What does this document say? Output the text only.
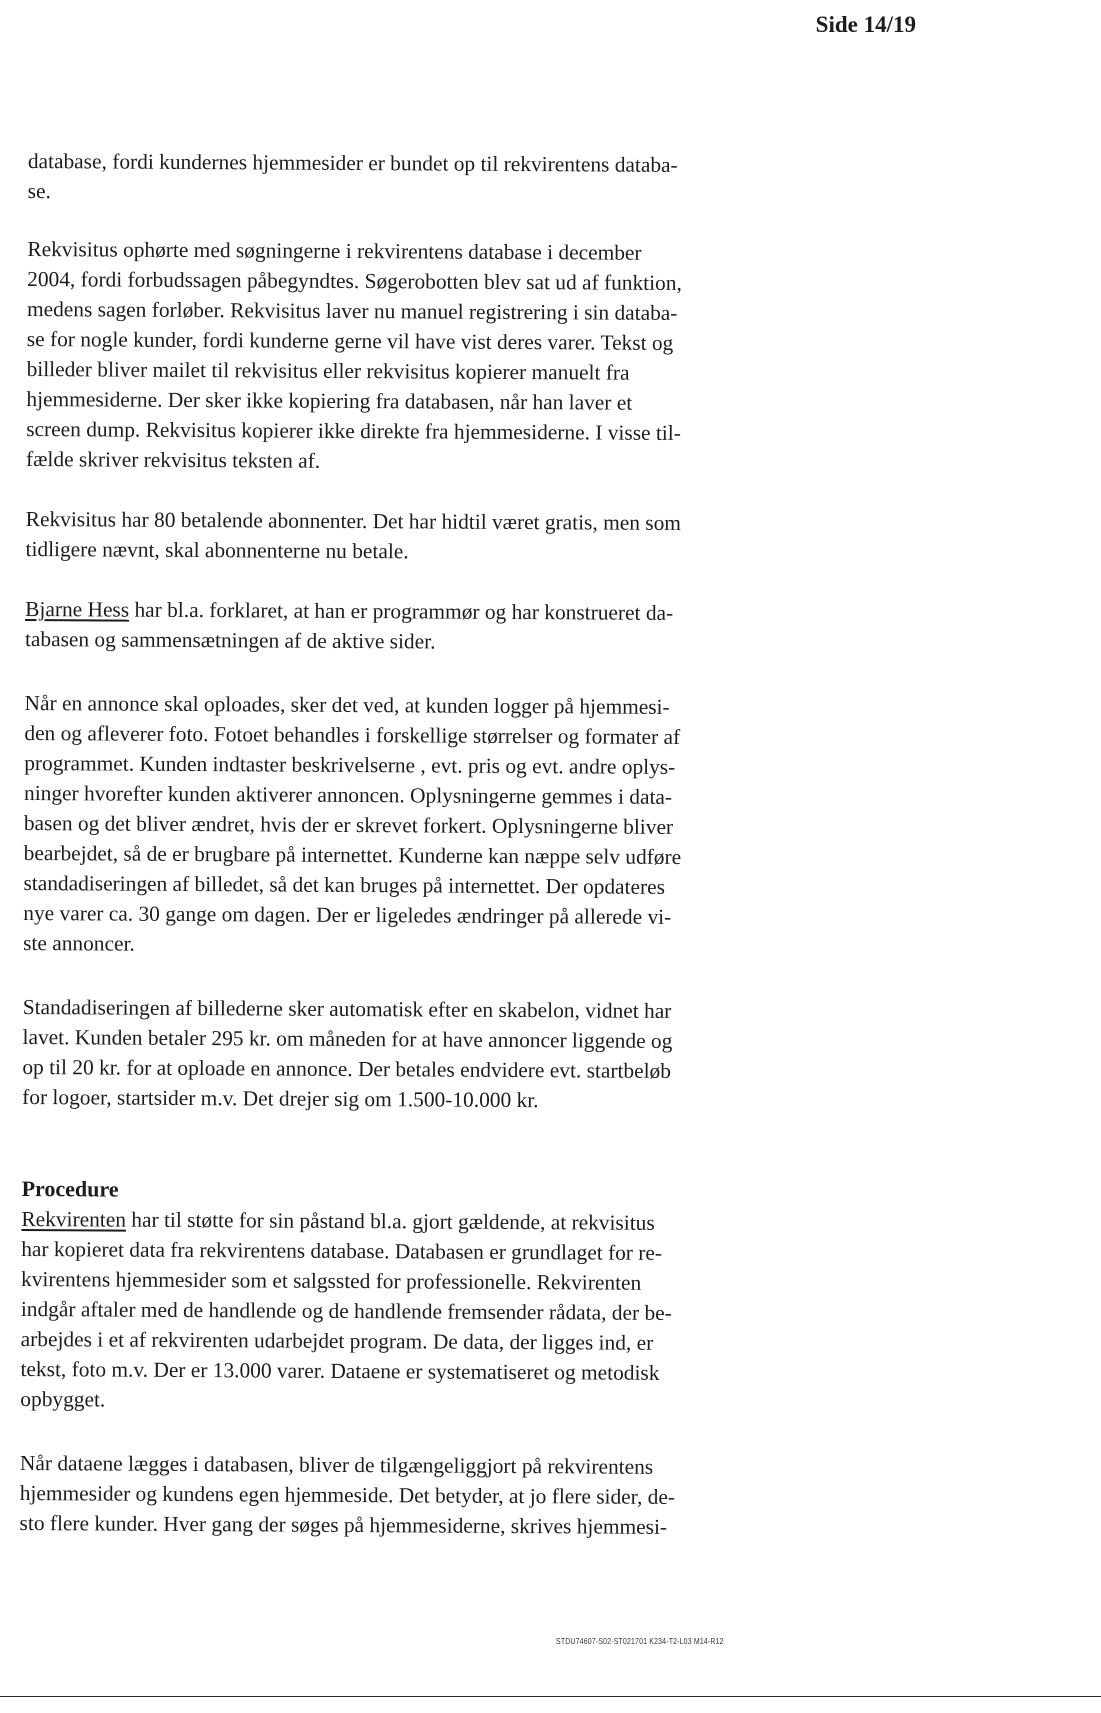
Side 14/19
database, fordi kundernes hjemmesider er bundet op til rekvirentens databa-
se.
Rekvisitus ophørte med søgningerne i rekvirentens database i december
2004, fordi forbudssagen påbegyndtes. Søgerobotten blev sat ud af funktion,
medens sagen forløber. Rekvisitus laver nu manuel registrering i sin databa-
se for nogle kunder, fordi kunderne gerne vil have vist deres varer. Tekst og
billeder bliver mailet til rekvisitus eller rekvisitus kopierer manuelt fra
hjemmesiderne. Der sker ikke kopiering fra databasen, når han laver et
screen dump. Rekvisitus kopierer ikke direkte fra hjemmesiderne. I visse til-
fælde skriver rekvisitus teksten af.
Rekvisitus har 80 betalende abonnenter. Det har hidtil været gratis, men som
tidligere nævnt, skal abonnenterne nu betale.
Bjarne Hess har bl.a. forklaret, at han er programmør og har konstrueret da-
tabasen og sammensætningen af de aktive sider.
Når en annonce skal oploades, sker det ved, at kunden logger på hjemmesi-
den og afleverer foto. Fotoet behandles i forskellige størrelser og formater af
programmet. Kunden indtaster beskrivelserne , evt. pris og evt. andre oplys-
ninger hvorefter kunden aktiverer annoncen. Oplysningerne gemmes i data-
basen og det bliver ændret, hvis der er skrevet forkert. Oplysningerne bliver
bearbejdet, så de er brugbare på internettet. Kunderne kan næppe selv udføre
standadiseringen af billedet, så det kan bruges på internettet. Der opdateres
nye varer ca. 30 gange om dagen. Der er ligeledes ændringer på allerede vi-
ste annoncer.
Standadiseringen af billederne sker automatisk efter en skabelon, vidnet har
lavet. Kunden betaler 295 kr. om måneden for at have annoncer liggende og
op til 20 kr. for at oploade en annonce. Der betales endvidere evt. startbeløb
for logoer, startsider m.v. Det drejer sig om 1.500-10.000 kr.
Procedure
Rekvirenten har til støtte for sin påstand bl.a. gjort gældende, at rekvisitus
har kopieret data fra rekvirentens database. Databasen er grundlaget for re-
kvirentens hjemmesider som et salgssted for professionelle. Rekvirenten
indgår aftaler med de handlende og de handlende fremsender rådata, der be-
arbejdes i et af rekvirenten udarbejdet program. De data, der ligges ind, er
tekst, foto m.v. Der er 13.000 varer. Dataene er systematiseret og metodisk
opbygget.
Når dataene lægges i databasen, bliver de tilgængeliggjort på rekvirentens
hjemmesider og kundens egen hjemmeside. Det betyder, at jo flere sider, de-
sto flere kunder. Hver gang der søges på hjemmesiderne, skrives hjemmesi-
STDU74607-S02-ST021701 K234-T2-L03 M14-R12
